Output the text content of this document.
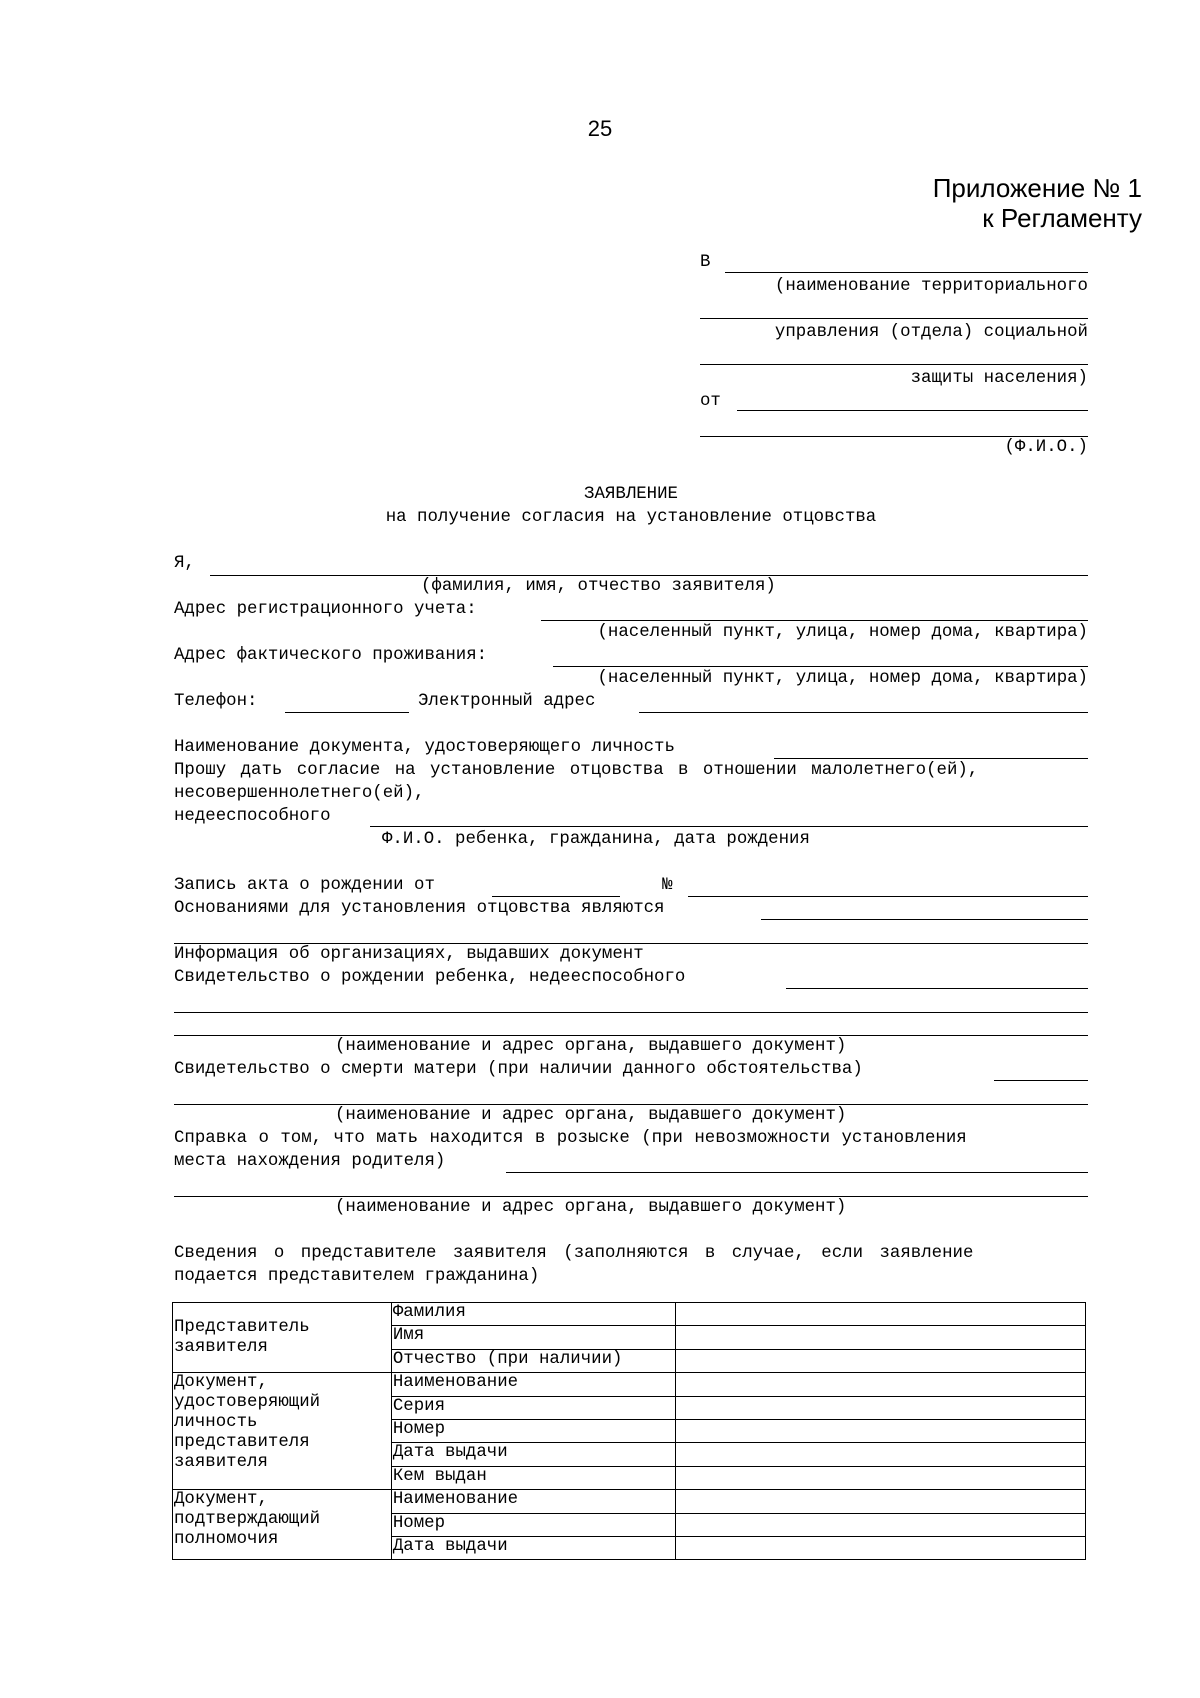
25
Приложение № 1
к Регламенту
В
(наименование территориального
управления (отдела) социальной
защиты населения)
от
(Ф.И.О.)
ЗАЯВЛЕНИЕ
на получение согласия на установление отцовства
Я,
(фамилия, имя, отчество заявителя)
Адрес регистрационного учета:
(населенный пункт, улица, номер дома, квартира)
Адрес фактического проживания:
(населенный пункт, улица, номер дома, квартира)
Телефон:	Электронный адрес
Наименование документа, удостоверяющего личность
Прошу дать согласие на установление отцовства в отношении малолетнего(ей),
несовершеннолетнего(ей),
недееспособного
Ф.И.О. ребенка, гражданина, дата рождения
Запись акта о рождении от	№
Основаниями для установления отцовства являются
Информация об организациях, выдавших документ
Свидетельство о рождении ребенка, недееспособного
(наименование и адрес органа, выдавшего документ)
Свидетельство о смерти матери (при наличии данного обстоятельства)
(наименование и адрес органа, выдавшего документ)
Справка о том, что мать находится в розыске (при невозможности установления
места нахождения родителя)
(наименование и адрес органа, выдавшего документ)
Сведения о представителе заявителя (заполняются в случае, если заявление
подается представителем гражданина)
Представитель
заявителя	Фамилия	
	Имя	
	Отчество (при наличии)	

Документ,
удостоверяющий
личность
представителя
заявителя	Наименование	
	Серия	
	Номер	
	Дата выдачи	
	Кем выдан	

Документ,
подтверждающий
полномочия	Наименование	
	Номер	
	Дата выдачи	
